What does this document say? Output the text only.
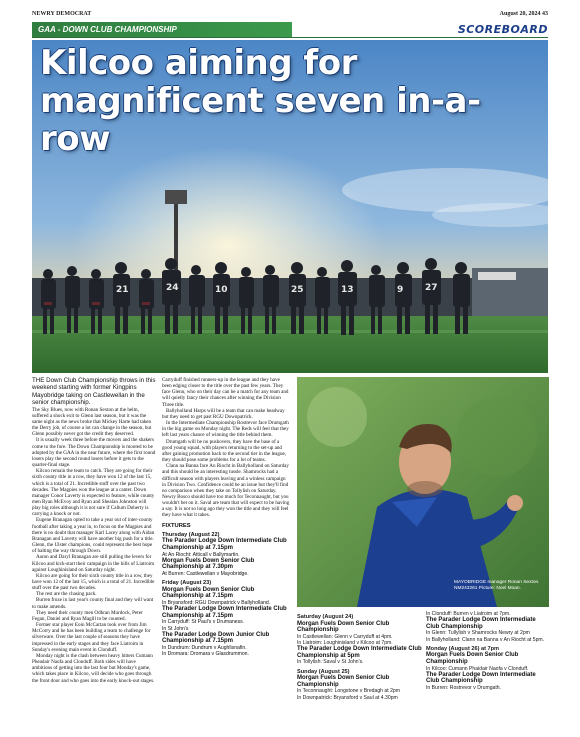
NEWRY DEMOCRAT	August 20, 2024 43
GAA - DOWN CLUB CHAMPIONSHIP	SCOREBOARD
21	24	10	25	13	9 27
Kilcoo aiming for magnificent seven in-a-row
THE Down Club Championship throws in this weekend starting with former Kingpins Mayobridge taking on Castlewellan in the senior championship.

The Sky Blues, now with Ronan Sexton at the helm, suffered a shock exit to Glenn last season, but it was the same night as the news broke that Mickey Harte had taken the Derry job, of course a lot can change in the season, but Glenn possibly never got the credit they deserved.

It is usually week three before the movers and the shakers come to the fore. The Down Championship is mooted to be adopted by the GAA in the near future, where the first round losers play the second round losers before it gets to the quarter-final stage.

Kilcoo remain the team to catch. They are going for their sixth county title in a row, they have won 12 of the last 15, which is a total of 21. Incredible stuff over the past two decades. The Magpies won the league at a canter. Down manager Conor Laverty is expected to feature, while county men Ryan McEvoy and Ryan and Shealan Johnston will play big roles although it is not sure if Callum Doherty is carrying a knock or not.

Eugene Branagan opted to take a year out of inter-county football after taking a year in, to focus on the Magpies and there is no doubt that manager Karl Lacey along with Aidan Branagan and Laverty will have another big push for a title. Glenn, the Ulster champions, could represent the best hope of halting the way through Down.

Aaron and Daryl Branagan are still pulling the levers for Kilcoo and kick-start their campaign in the hills of Liatroim against Loughinisland on Saturday night.

Kilcoo are going for their sixth county title in a row, they have won 12 of the last 15, which is a total of 21. Incredible stuff over the past two decades.

The rest are the chasing pack.

Burren froze in last year's county final and they will want to make amends.

They need their county men Odhran Murdock, Peter Fegan, Daniel and Ryan Magill to be counted.

Former star player Eoin McCartan took over from Jim McCorry and he has been building a team to challenge for silverware. Over the last couple of seasons they have impressed in the early stages and they face Liatroim in Sunday's evening main event in Clonduff.

Monday night is the clash between heavy hitters Cumann Pheadair Naofa and Clonduff. Both sides will have ambitions of getting into the last four but Monday's game, which takes place in Kilcoo, will decide who goes through the front door and who goes into the early knock-out stages.

Carryduff finished runners-up in the league and they have been edging closer to the title over the past few years. They face Glenn, who on their day can be a match for any team and will quietly fancy their chances after winning the Division Three title.

Ballyholland Harps will be a team that can make headway but they need to get past RGU Downpatrick.

In the Intermediate Championship Rostrevor face Drumgath in the big game on Monday night. The Reds will feel that they left last years chance of winning the title behind them.

Drumgath will be no pushovers, they have the base of a good young squad, with players returning to the set-up and after gaining promotion back to the second tier in the league, they should pose some problems for a lot of teams.

Clann na Banna face An Riocht in Ballyholland on Saturday and this should be an interesting tussle. Shamrocks had a difficult season with players leaving and a winless campaign in Division Two. Confidence could be an issue but they'll find no comparison when they take on Tollylish on Saturday. Newry Bosco should have too much for Teconnaught, but you wouldn't bet on it. Saval are team that will expect to be having a say. It is not so long ago they won the title and they will feel they have what it takes.

FIXTURES
Thursday (August 22)
The Parader Lodge Down Intermediate Club Championship at 7.15pm
At An Riocht: Atticall v Ballymartin.
Morgan Fuels Down Senior Club Championship at 7.30pm
At Burren: Castlewellan v Mayobridge.
Friday (August 23)
Morgan Fuels Down Senior Club Championship at 7.15pm
In Bryansford: RGU Downpatrick v Ballyholland.
The Parader Lodge Down Intermediate Club Championship at 7.15pm
In Carryduff: St Paul's v Drumaness.
In St John's
The Parader Lodge Down Junior Club Championship at 7.15pm
In Dundrum: Dundrum v Aughlisnafin.
In Dromara: Dromara v Glasdrummon.
MAYOBRIDGE manager Ronan Sexton. NM243261 Picture: Noel Moan.
Saturday (August 24)
Morgan Fuels Down Senior Club Championship
In Castlewellan: Glenn v Carryduff at 4pm.
In Liatroim: Loughinisland v Kilcoo at 7pm.
The Parader Lodge Down Intermediate Club Championship at 5pm
In Tollylish: Saval v St John's.
Sunday (August 25)
Morgan Fuels Down Senior Club Championship
In Teconnaught: Longstone v Bredagh at 2pm
In Downpatrick: Bryansford v Saul at 4.30pm
In Clonduff: Burren v Liatroim at 7pm.
The Parader Lodge Down Intermediate Club Championship
In Glenn: Tullylish v Shamrocks Newry at 2pm
In Ballyholland: Clann na Banna v An Riocht at 5pm.
Monday (August 26) at 7pm
Morgan Fuels Down Senior Club Championship
In Kilcoo: Cumann Phaidair Naofa v Clonduff.
The Parader Lodge Down Intermediate Club Championship
In Burren: Rostrevor v Drumgath.
